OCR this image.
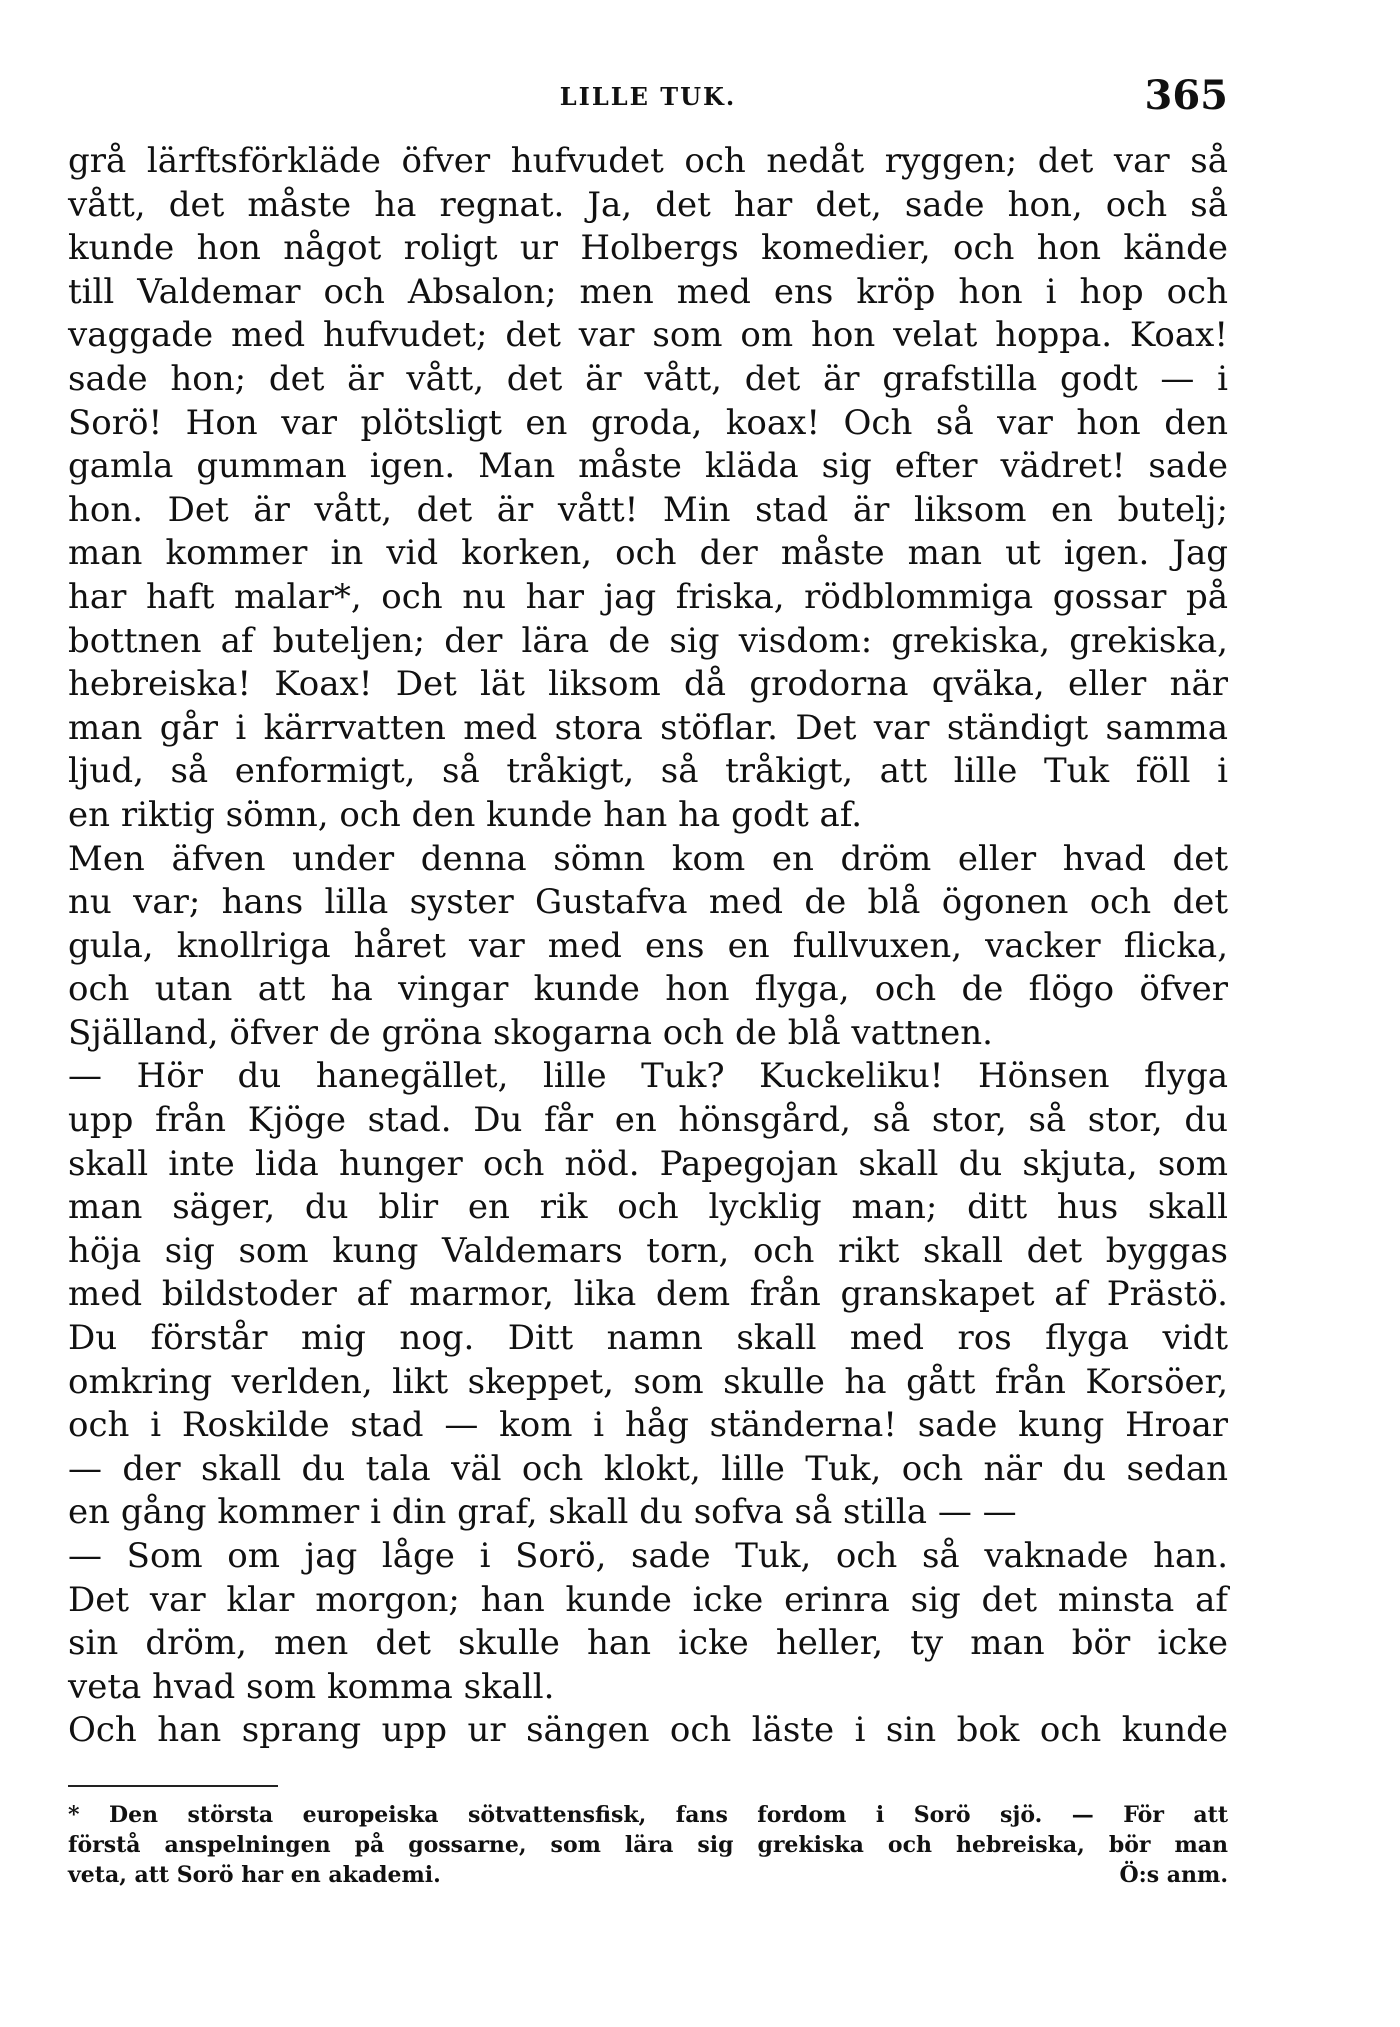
LILLE TUK.	365
grå lärftsförkläde öfver hufvudet och nedåt ryggen; det var så
vått, det måste ha regnat. Ja, det har det, sade hon, och så
kunde hon något roligt ur Holbergs komedier, och hon kände
till Valdemar och Absalon; men med ens kröp hon i hop och
vaggade med hufvudet; det var som om hon velat hoppa. Koax!
sade hon; det är vått, det är vått, det är grafstilla godt — i
Sorö! Hon var plötsligt en groda, koax! Och så var hon den
gamla gumman igen. Man måste kläda sig efter vädret! sade
hon. Det är vått, det är vått! Min stad är liksom en butelj;
man kommer in vid korken, och der måste man ut igen. Jag
har haft malar*, och nu har jag friska, rödblommiga gossar på
bottnen af buteljen; der lära de sig visdom: grekiska, grekiska,
hebreiska! Koax! Det lät liksom då grodorna qväka, eller när
man går i kärrvatten med stora stöflar. Det var ständigt samma
ljud, så enformigt, så tråkigt, så tråkigt, att lille Tuk föll i
en riktig sömn, och den kunde han ha godt af.
Men äfven under denna sömn kom en dröm eller hvad det
nu var; hans lilla syster Gustafva med de blå ögonen och det
gula, knollriga håret var med ens en fullvuxen, vacker flicka,
och utan att ha vingar kunde hon flyga, och de flögo öfver
Själland, öfver de gröna skogarna och de blå vattnen.
— Hör du hanegället, lille Tuk? Kuckeliku! Hönsen flyga
upp från Kjöge stad. Du får en hönsgård, så stor, så stor, du
skall inte lida hunger och nöd. Papegojan skall du skjuta, som
man säger, du blir en rik och lycklig man; ditt hus skall
höja sig som kung Valdemars torn, och rikt skall det byggas
med bildstoder af marmor, lika dem från granskapet af Prästö.
Du förstår mig nog. Ditt namn skall med ros flyga vidt
omkring verlden, likt skeppet, som skulle ha gått från Korsöer,
och i Roskilde stad — kom i håg ständerna! sade kung Hroar
— der skall du tala väl och klokt, lille Tuk, och när du sedan
en gång kommer i din graf, skall du sofva så stilla — —
— Som om jag låge i Sorö, sade Tuk, och så vaknade han.
Det var klar morgon; han kunde icke erinra sig det minsta af
sin dröm, men det skulle han icke heller, ty man bör icke
veta hvad som komma skall.
Och han sprang upp ur sängen och läste i sin bok och kunde
* Den största europeiska sötvattensfisk, fans fordom i Sorö sjö. — För att
förstå anspelningen på gossarne, som lära sig grekiska och hebreiska, bör man
veta, att Sorö har en akademi.	Ö:s anm.
